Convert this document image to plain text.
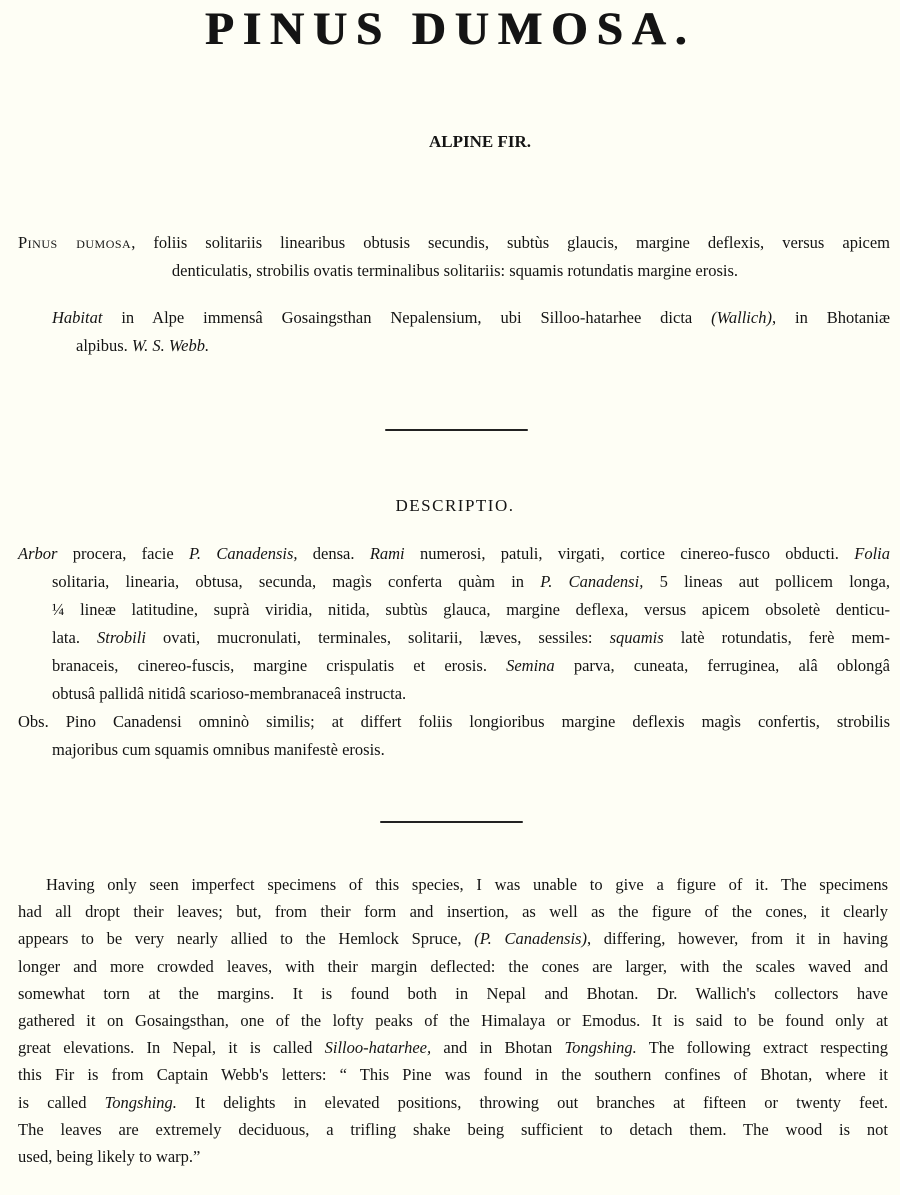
PINUS DUMOSA.
ALPINE FIR.
Pinus dumosa, foliis solitariis linearibus obtusis secundis, subtùs glaucis, margine deflexis, versus apicem
denticulatis, strobilis ovatis terminalibus solitariis: squamis rotundatis margine erosis.
Habitat in Alpe immensâ Gosaingsthan Nepalensium, ubi Silloo-hatarhee dicta (Wallich), in Bhotaniæ
alpibus. W. S. Webb.
DESCRIPTIO.
Arbor procera, facie P. Canadensis, densa. Rami numerosi, patuli, virgati, cortice cinereo-fusco obducti. Folia
solitaria, linearia, obtusa, secunda, magìs conferta quàm in P. Canadensi, 5 lineas aut pollicem longa,
¼ lineæ latitudine, suprà viridia, nitida, subtùs glauca, margine deflexa, versus apicem obsoletè denticu-
lata. Strobili ovati, mucronulati, terminales, solitarii, læves, sessiles: squamis latè rotundatis, ferè mem-
branaceis, cinereo-fuscis, margine crispulatis et erosis. Semina parva, cuneata, ferruginea, alâ oblongâ
obtusâ pallidâ nitidâ scarioso-membranaceâ instructa.
Obs. Pino Canadensi omninò similis; at differt foliis longioribus margine deflexis magìs confertis, strobilis
majoribus cum squamis omnibus manifestè erosis.
Having only seen imperfect specimens of this species, I was unable to give a figure of it. The specimens
had all dropt their leaves; but, from their form and insertion, as well as the figure of the cones, it clearly
appears to be very nearly allied to the Hemlock Spruce, (P. Canadensis), differing, however, from it in having
longer and more crowded leaves, with their margin deflected: the cones are larger, with the scales waved and
somewhat torn at the margins. It is found both in Nepal and Bhotan. Dr. Wallich's collectors have
gathered it on Gosaingsthan, one of the lofty peaks of the Himalaya or Emodus. It is said to be found only at
great elevations. In Nepal, it is called Silloo-hatarhee, and in Bhotan Tongshing. The following extract respecting
this Fir is from Captain Webb's letters: “ This Pine was found in the southern confines of Bhotan, where it
is called Tongshing. It delights in elevated positions, throwing out branches at fifteen or twenty feet.
The leaves are extremely deciduous, a trifling shake being sufficient to detach them. The wood is not
used, being likely to warp.”
